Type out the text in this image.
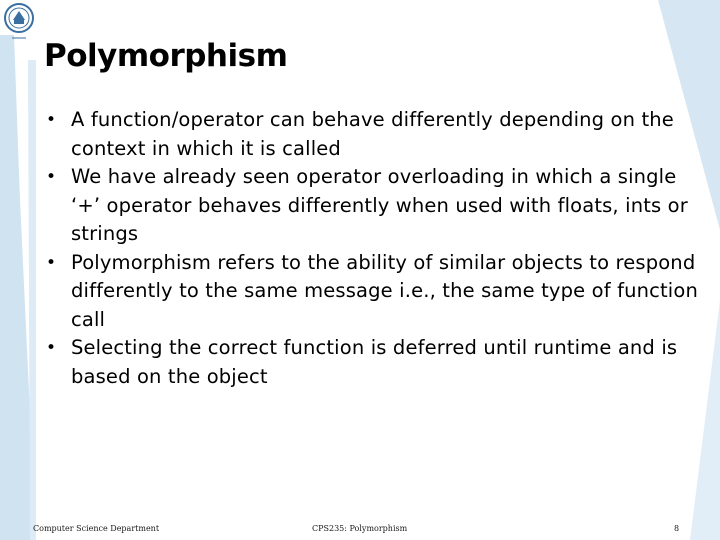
Polymorphism
• A function/operator can behave differently depending on the context in which it is called
• We have already seen operator overloading in which a single ‘+’ operator behaves differently when used with floats, ints or strings
• Polymorphism refers to the ability of similar objects to respond differently to the same message i.e., the same type of function call
• Selecting the correct function is deferred until runtime and is based on the object
Computer Science Department	CPS235: Polymorphism	8
